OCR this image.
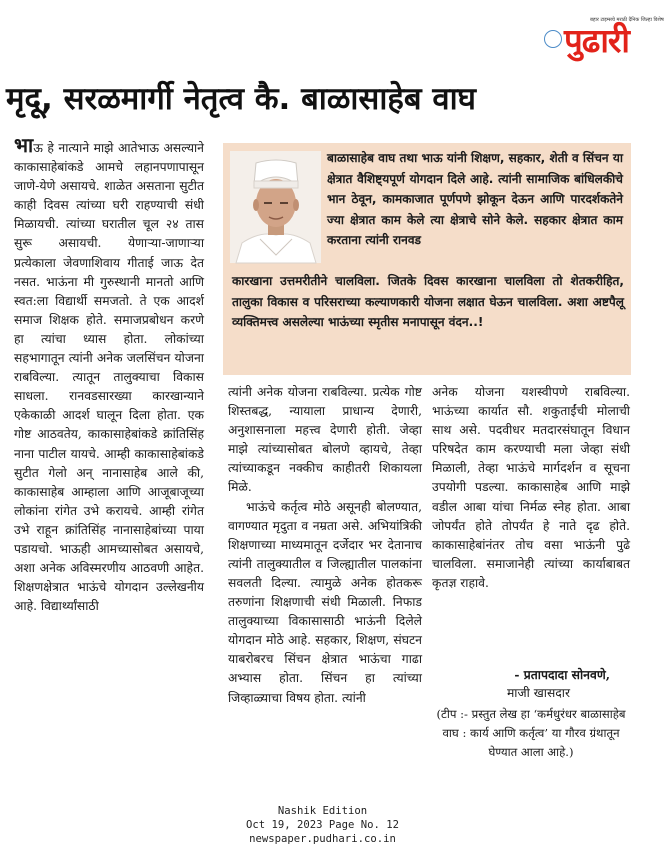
बहार टाइम्सचे मराठी दैनिक जिल्हा विशेष
पुढारी
मृदू, सरळमार्गी नेतृत्व कै. बाळासाहेब वाघ

भाऊ हे नात्याने माझे आतेभाऊ असल्याने काकासाहेबांकडे आमचे लहानपणापासून जाणे-येणे असायचे. शाळेत असताना सुटीत काही दिवस त्यांच्या घरी राहण्याची संधी मिळायची. त्यांच्या घरातील चूल २४ तास सुरू असायची. येणाऱ्या-जाणाऱ्या प्रत्येकाला जेवणाशिवाय गीताई जाऊ देत नसत. भाऊंना मी गुरुस्थानी मानतो आणि स्वत:ला विद्यार्थी समजतो. ते एक आदर्श समाज शिक्षक होते. समाजप्रबोधन करणे हा त्यांचा ध्यास होता. लोकांच्या सहभागातून त्यांनी अनेक जलसिंचन योजना राबविल्या. त्यातून तालुक्याचा विकास साधला. रानवडसारख्या कारखान्याने एकेकाळी आदर्श घालून दिला होता. एक गोष्ट आठवतेय, काकासाहेबांकडे क्रांतिसिंह नाना पाटील यायचे. आम्ही काकासाहेबांकडे सुटीत गेलो अन् नानासाहेब आले की, काकासाहेब आम्हाला आणि आजूबाजूच्या लोकांना रांगेत उभे करायचे. आम्ही रांगेत उभे राहून क्रांतिसिंह नानासाहेबांच्या पाया पडायचो. भाऊही आमच्यासोबत असायचे, अशा अनेक अविस्मरणीय आठवणी आहेत. शिक्षणक्षेत्रात भाऊंचे योगदान उल्लेखनीय आहे. विद्यार्थ्यांसाठी

बाळासाहेब वाघ तथा भाऊ यांनी शिक्षण, सहकार, शेती व सिंचन या क्षेत्रात वैशिष्ट्यपूर्ण योगदान दिले आहे. त्यांनी सामाजिक बांधिलकीचे भान ठेवून, कामकाजात पूर्णपणे झोकून देऊन आणि पारदर्शकतेने ज्या क्षेत्रात काम केले त्या क्षेत्राचे सोने केले. सहकार क्षेत्रात काम करताना त्यांनी रानवड
कारखाना उत्तमरीतीने चालविला. जितके दिवस कारखाना चालविला तो शेतकरीहित, तालुका विकास व परिसराच्या कल्याणकारी योजना लक्षात घेऊन चालविला. अशा अष्टपैलू व्यक्तिमत्त्व असलेल्या भाऊंच्या स्मृतीस मनापासून वंदन..!

त्यांनी अनेक योजना राबविल्या. प्रत्येक गोष्ट शिस्तबद्ध, न्यायाला प्राधान्य देणारी, अनुशासनाला महत्त्व देणारी होती. जेव्हा माझे त्यांच्यासोबत बोलणे व्हायचे, तेव्हा त्यांच्याकडून नक्कीच काहीतरी शिकायला मिळे.

भाऊंचे कर्तृत्व मोठे असूनही बोलण्यात, वागण्यात मृदुता व नम्रता असे. अभियांत्रिकी शिक्षणाच्या माध्यमातून दर्जेदार भर देतानाच त्यांनी तालुक्यातील व जिल्ह्यातील पालकांना सवलती दिल्या. त्यामुळे अनेक होतकरू तरुणांना शिक्षणाची संधी मिळाली. निफाड तालुक्याच्या विकासासाठी भाऊंनी दिलेले योगदान मोठे आहे. सहकार, शिक्षण, संघटन याबरोबरच सिंचन क्षेत्रात भाऊंचा गाढा अभ्यास होता. सिंचन हा त्यांच्या जिव्हाळ्याचा विषय होता. त्यांनी

अनेक योजना यशस्वीपणे राबविल्या. भाऊंच्या कार्यात सौ. शकुताईंची मोलाची साथ असे. पदवीधर मतदारसंघातून विधान परिषदेत काम करण्याची मला जेव्हा संधी मिळाली, तेव्हा भाऊंचे मार्गदर्शन व सूचना उपयोगी पडल्या. काकासाहेब आणि माझे वडील आबा यांचा निर्मळ स्नेह होता. आबा जोपर्यंत होते तोपर्यंत हे नाते दृढ होते. काकासाहेबांनंतर तोच वसा भाऊंनी पुढे चालविला. समाजानेही त्यांच्या कार्याबाबत कृतज्ञ राहावे.

- प्रतापदादा सोनवणे,
माजी खासदार
(टीप :- प्रस्तुत लेख हा ‘कर्मधुरंधर बाळासाहेब वाघ : कार्य आणि कर्तृत्व’ या गौरव ग्रंथातून घेण्यात आला आहे.)
Nashik Edition
Oct 19, 2023 Page No. 12
newspaper.pudhari.co.in
